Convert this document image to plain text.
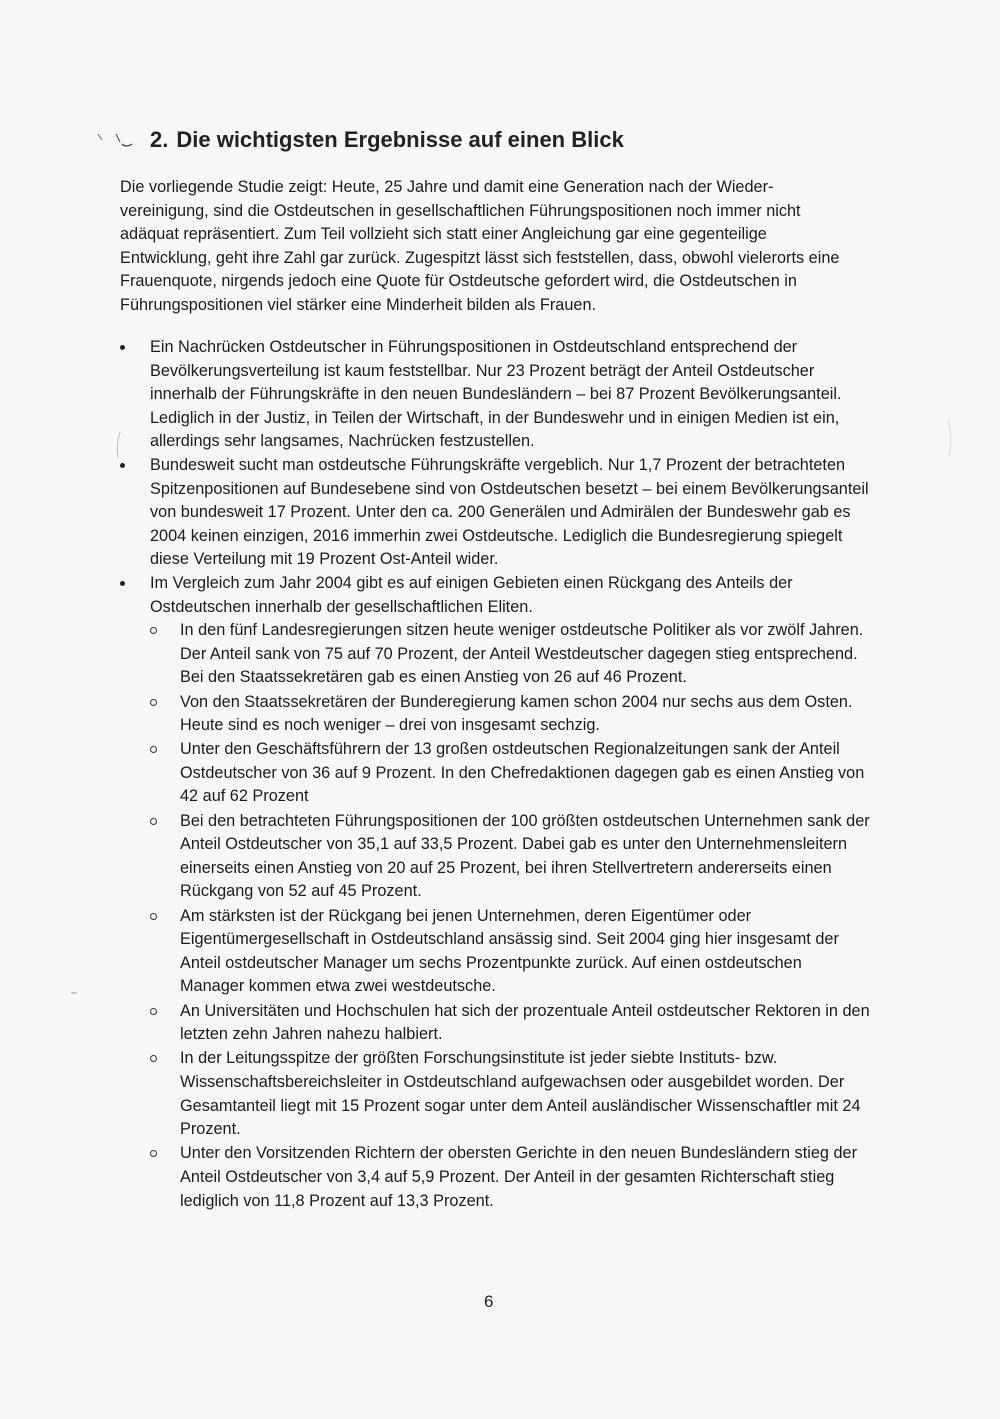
2. Die wichtigsten Ergebnisse auf einen Blick

Die vorliegende Studie zeigt: Heute, 25 Jahre und damit eine Generation nach der Wieder-vereinigung, sind die Ostdeutschen in gesellschaftlichen Führungspositionen noch immer nicht adäquat repräsentiert. Zum Teil vollzieht sich statt einer Angleichung gar eine gegenteilige Entwicklung, geht ihre Zahl gar zurück. Zugespitzt lässt sich feststellen, dass, obwohl vielerorts eine Frauenquote, nirgends jedoch eine Quote für Ostdeutsche gefordert wird, die Ostdeutschen in Führungspositionen viel stärker eine Minderheit bilden als Frauen.

Ein Nachrücken Ostdeutscher in Führungspositionen in Ostdeutschland entsprechend der Bevölkerungsverteilung ist kaum feststellbar. Nur 23 Prozent beträgt der Anteil Ostdeutscher innerhalb der Führungskräfte in den neuen Bundesländern – bei 87 Prozent Bevölkerungsanteil. Lediglich in der Justiz, in Teilen der Wirtschaft, in der Bundeswehr und in einigen Medien ist ein, allerdings sehr langsames, Nachrücken festzustellen.
Bundesweit sucht man ostdeutsche Führungskräfte vergeblich. Nur 1,7 Prozent der betrachteten Spitzenpositionen auf Bundesebene sind von Ostdeutschen besetzt – bei einem Bevölkerungsanteil von bundesweit 17 Prozent. Unter den ca. 200 Generälen und Admirälen der Bundeswehr gab es 2004 keinen einzigen, 2016 immerhin zwei Ostdeutsche. Lediglich die Bundesregierung spiegelt diese Verteilung mit 19 Prozent Ost-Anteil wider.
Im Vergleich zum Jahr 2004 gibt es auf einigen Gebieten einen Rückgang des Anteils der Ostdeutschen innerhalb der gesellschaftlichen Eliten.
In den fünf Landesregierungen sitzen heute weniger ostdeutsche Politiker als vor zwölf Jahren. Der Anteil sank von 75 auf 70 Prozent, der Anteil Westdeutscher dagegen stieg entsprechend. Bei den Staatssekretären gab es einen Anstieg von 26 auf 46 Prozent.
Von den Staatssekretären der Bunderegierung kamen schon 2004 nur sechs aus dem Osten. Heute sind es noch weniger – drei von insgesamt sechzig.
Unter den Geschäftsführern der 13 großen ostdeutschen Regionalzeitungen sank der Anteil Ostdeutscher von 36 auf 9 Prozent. In den Chefredaktionen dagegen gab es einen Anstieg von 42 auf 62 Prozent
Bei den betrachteten Führungspositionen der 100 größten ostdeutschen Unternehmen sank der Anteil Ostdeutscher von 35,1 auf 33,5 Prozent. Dabei gab es unter den Unternehmensleitern einerseits einen Anstieg von 20 auf 25 Prozent, bei ihren Stellvertretern andererseits einen Rückgang von 52 auf 45 Prozent.
Am stärksten ist der Rückgang bei jenen Unternehmen, deren Eigentümer oder Eigentümergesellschaft in Ostdeutschland ansässig sind. Seit 2004 ging hier insgesamt der Anteil ostdeutscher Manager um sechs Prozentpunkte zurück. Auf einen ostdeutschen Manager kommen etwa zwei westdeutsche.
An Universitäten und Hochschulen hat sich der prozentuale Anteil ostdeutscher Rektoren in den letzten zehn Jahren nahezu halbiert.
In der Leitungsspitze der größten Forschungsinstitute ist jeder siebte Instituts- bzw. Wissenschaftsbereichsleiter in Ostdeutschland aufgewachsen oder ausgebildet worden. Der Gesamtanteil liegt mit 15 Prozent sogar unter dem Anteil ausländischer Wissenschaftler mit 24 Prozent.
Unter den Vorsitzenden Richtern der obersten Gerichte in den neuen Bundesländern stieg der Anteil Ostdeutscher von 3,4 auf 5,9 Prozent. Der Anteil in der gesamten Richterschaft stieg lediglich von 11,8 Prozent auf 13,3 Prozent.
6
